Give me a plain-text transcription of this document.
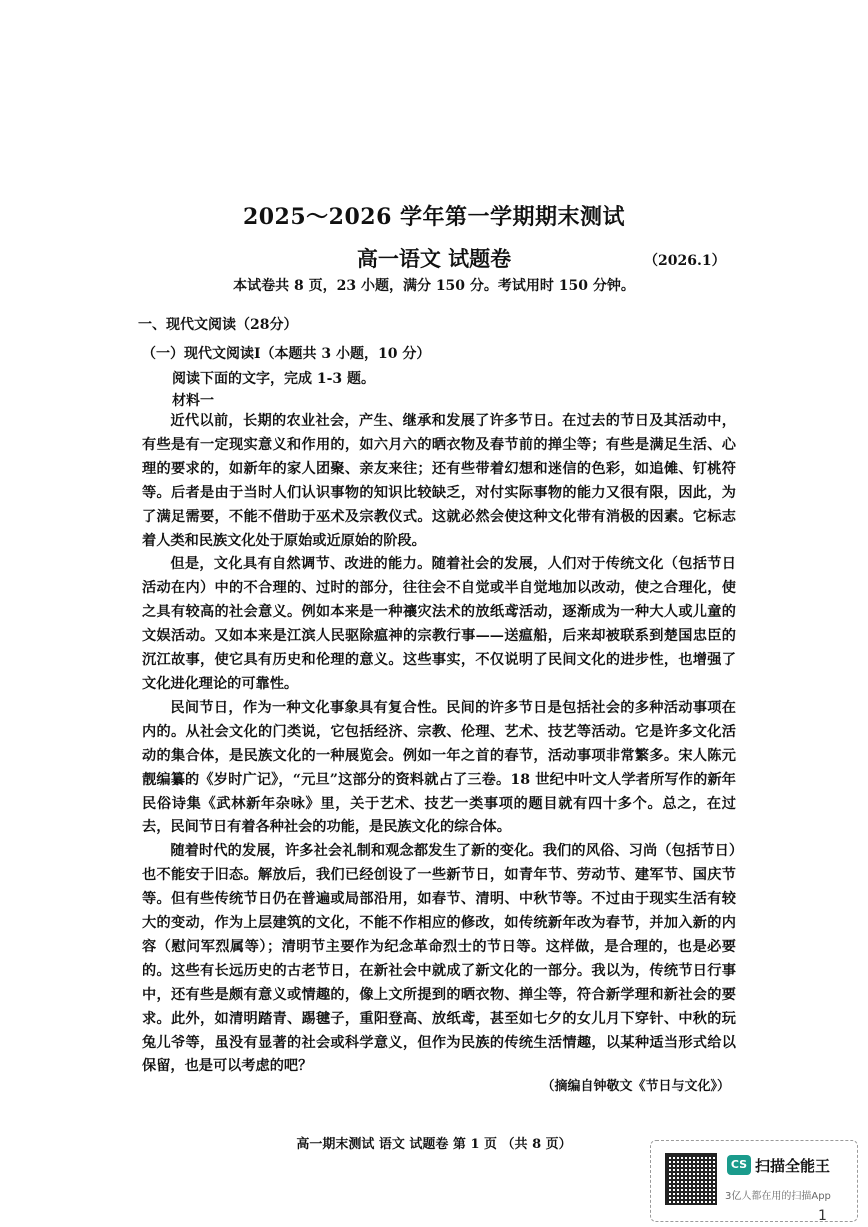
2025～2026 学年第一学期期末测试
高一语文 试题卷	（2026.1）
本试卷共 8 页，23 小题，满分 150 分。考试用时 150 分钟。
一、现代文阅读（28分）
（一）现代文阅读Ⅰ（本题共 3 小题，10 分）
阅读下面的文字，完成 1-3 题。
材料一

近代以前，长期的农业社会，产生、继承和发展了许多节日。在过去的节日及其活动中，有些是有一定现实意义和作用的，如六月六的晒衣物及春节前的掸尘等；有些是满足生活、心理的要求的，如新年的家人团聚、亲友来往；还有些带着幻想和迷信的色彩，如追傩、钉桃符等。后者是由于当时人们认识事物的知识比较缺乏，对付实际事物的能力又很有限，因此，为了满足需要，不能不借助于巫术及宗教仪式。这就必然会使这种文化带有消极的因素。它标志着人类和民族文化处于原始或近原始的阶段。

但是，文化具有自然调节、改进的能力。随着社会的发展，人们对于传统文化（包括节日活动在内）中的不合理的、过时的部分，往往会不自觉或半自觉地加以改动，使之合理化，使之具有较高的社会意义。例如本来是一种禳灾法术的放纸鸢活动，逐渐成为一种大人或儿童的文娱活动。又如本来是江滨人民驱除瘟神的宗教行事——送瘟船，后来却被联系到楚国忠臣的沉江故事，使它具有历史和伦理的意义。这些事实，不仅说明了民间文化的进步性，也增强了文化进化理论的可靠性。

民间节日，作为一种文化事象具有复合性。民间的许多节日是包括社会的多种活动事项在内的。从社会文化的门类说，它包括经济、宗教、伦理、艺术、技艺等活动。它是许多文化活动的集合体，是民族文化的一种展览会。例如一年之首的春节，活动事项非常繁多。宋人陈元靓编纂的《岁时广记》，“元旦”这部分的资料就占了三卷。18 世纪中叶文人学者所写作的新年民俗诗集《武林新年杂咏》里，关于艺术、技艺一类事项的题目就有四十多个。总之，在过去，民间节日有着各种社会的功能，是民族文化的综合体。

随着时代的发展，许多社会礼制和观念都发生了新的变化。我们的风俗、习尚（包括节日）也不能安于旧态。解放后，我们已经创设了一些新节日，如青年节、劳动节、建军节、国庆节等。但有些传统节日仍在普遍或局部沿用，如春节、清明、中秋节等。不过由于现实生活有较大的变动，作为上层建筑的文化，不能不作相应的修改，如传统新年改为春节，并加入新的内容（慰问军烈属等）；清明节主要作为纪念革命烈士的节日等。这样做，是合理的，也是必要的。这些有长远历史的古老节日，在新社会中就成了新文化的一部分。我以为，传统节日行事中，还有些是颇有意义或情趣的，像上文所提到的晒衣物、掸尘等，符合新学理和新社会的要求。此外，如清明踏青、踢毽子，重阳登高、放纸鸢，甚至如七夕的女儿月下穿针、中秋的玩兔儿爷等，虽没有显著的社会或科学意义，但作为民族的传统生活情趣，以某种适当形式给以保留，也是可以考虑的吧？

（摘编自钟敬文《节日与文化》）
高一期末测试 语文 试题卷 第 1 页 （共 8 页）
CS 扫描全能王
3亿人都在用的扫描App
1
